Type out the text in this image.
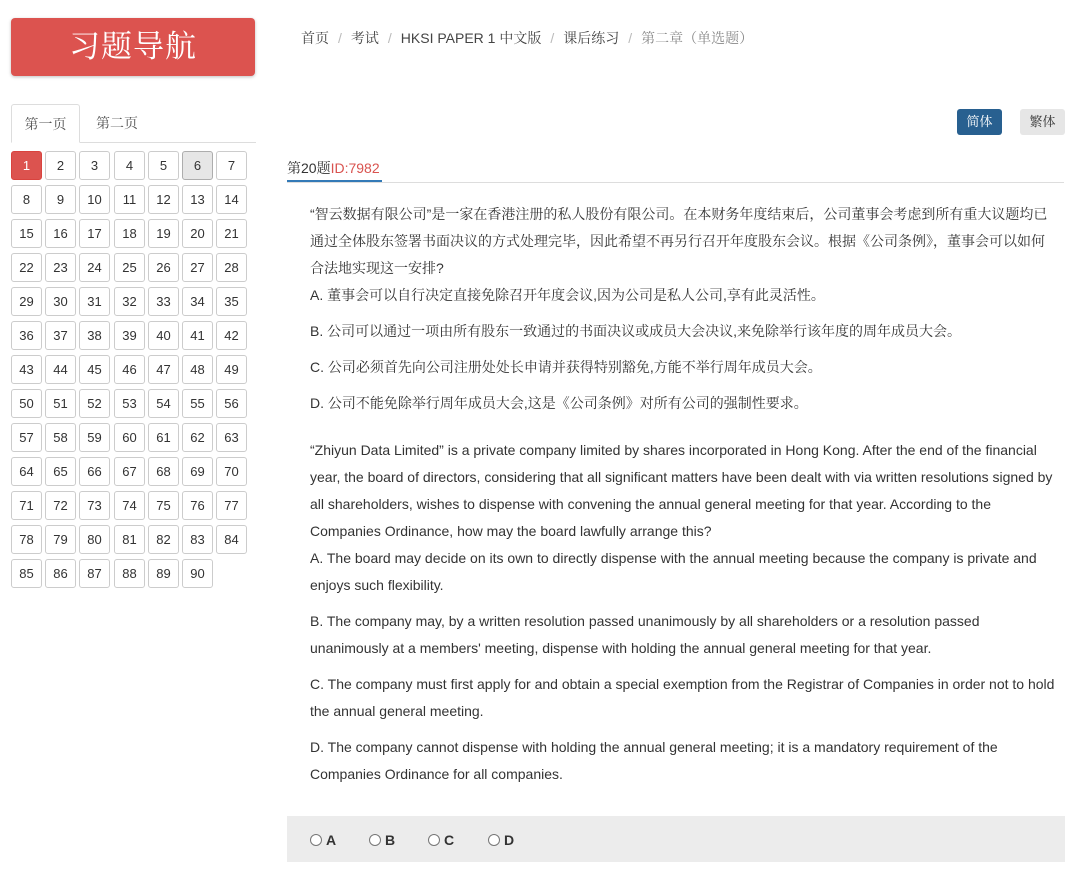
习题导航	首页 / 考试 / HKSI PAPER 1 中文版 / 课后练习 / 第二章（单选题）
第一页	第二页
1	2	3	4	5	6	7
8	9	10	11	12	13	14
15	16	17	18	19	20	21
22	23	24	25	26	27	28
29	30	31	32	33	34	35
36	37	38	39	40	41	42
43	44	45	46	47	48	49
50	51	52	53	54	55	56
57	58	59	60	61	62	63
64	65	66	67	68	69	70
71	72	73	74	75	76	77
78	79	80	81	82	83	84
85	86	87	88	89	90
简体	繁体
第20题ID:7982

“智云数据有限公司”是一家在香港注册的私人股份有限公司。在本财务年度结束后，公司董事会考虑到所有重大议题均已通过全体股东签署书面决议的方式处理完毕，因此希望不再另行召开年度股东会议。根据《公司条例》，董事会可以如何合法地实现这一安排?

A. 董事会可以自行决定直接免除召开年度会议,因为公司是私人公司,享有此灵活性。

B. 公司可以通过一项由所有股东一致通过的书面决议或成员大会决议,来免除举行该年度的周年成员大会。

C. 公司必须首先向公司注册处处长申请并获得特别豁免,方能不举行周年成员大会。

D. 公司不能免除举行周年成员大会,这是《公司条例》对所有公司的强制性要求。

“Zhiyun Data Limited” is a private company limited by shares incorporated in Hong Kong. After the end of the financial year, the board of directors, considering that all significant matters have been dealt with via written resolutions signed by all shareholders, wishes to dispense with convening the annual general meeting for that year. According to the Companies Ordinance, how may the board lawfully arrange this?

A. The board may decide on its own to directly dispense with the annual meeting because the company is private and enjoys such flexibility.

B. The company may, by a written resolution passed unanimously by all shareholders or a resolution passed unanimously at a members' meeting, dispense with holding the annual general meeting for that year.

C. The company must first apply for and obtain a special exemption from the Registrar of Companies in order not to hold the annual general meeting.

D. The company cannot dispense with holding the annual general meeting; it is a mandatory requirement of the Companies Ordinance for all companies.

A	B	C	D
